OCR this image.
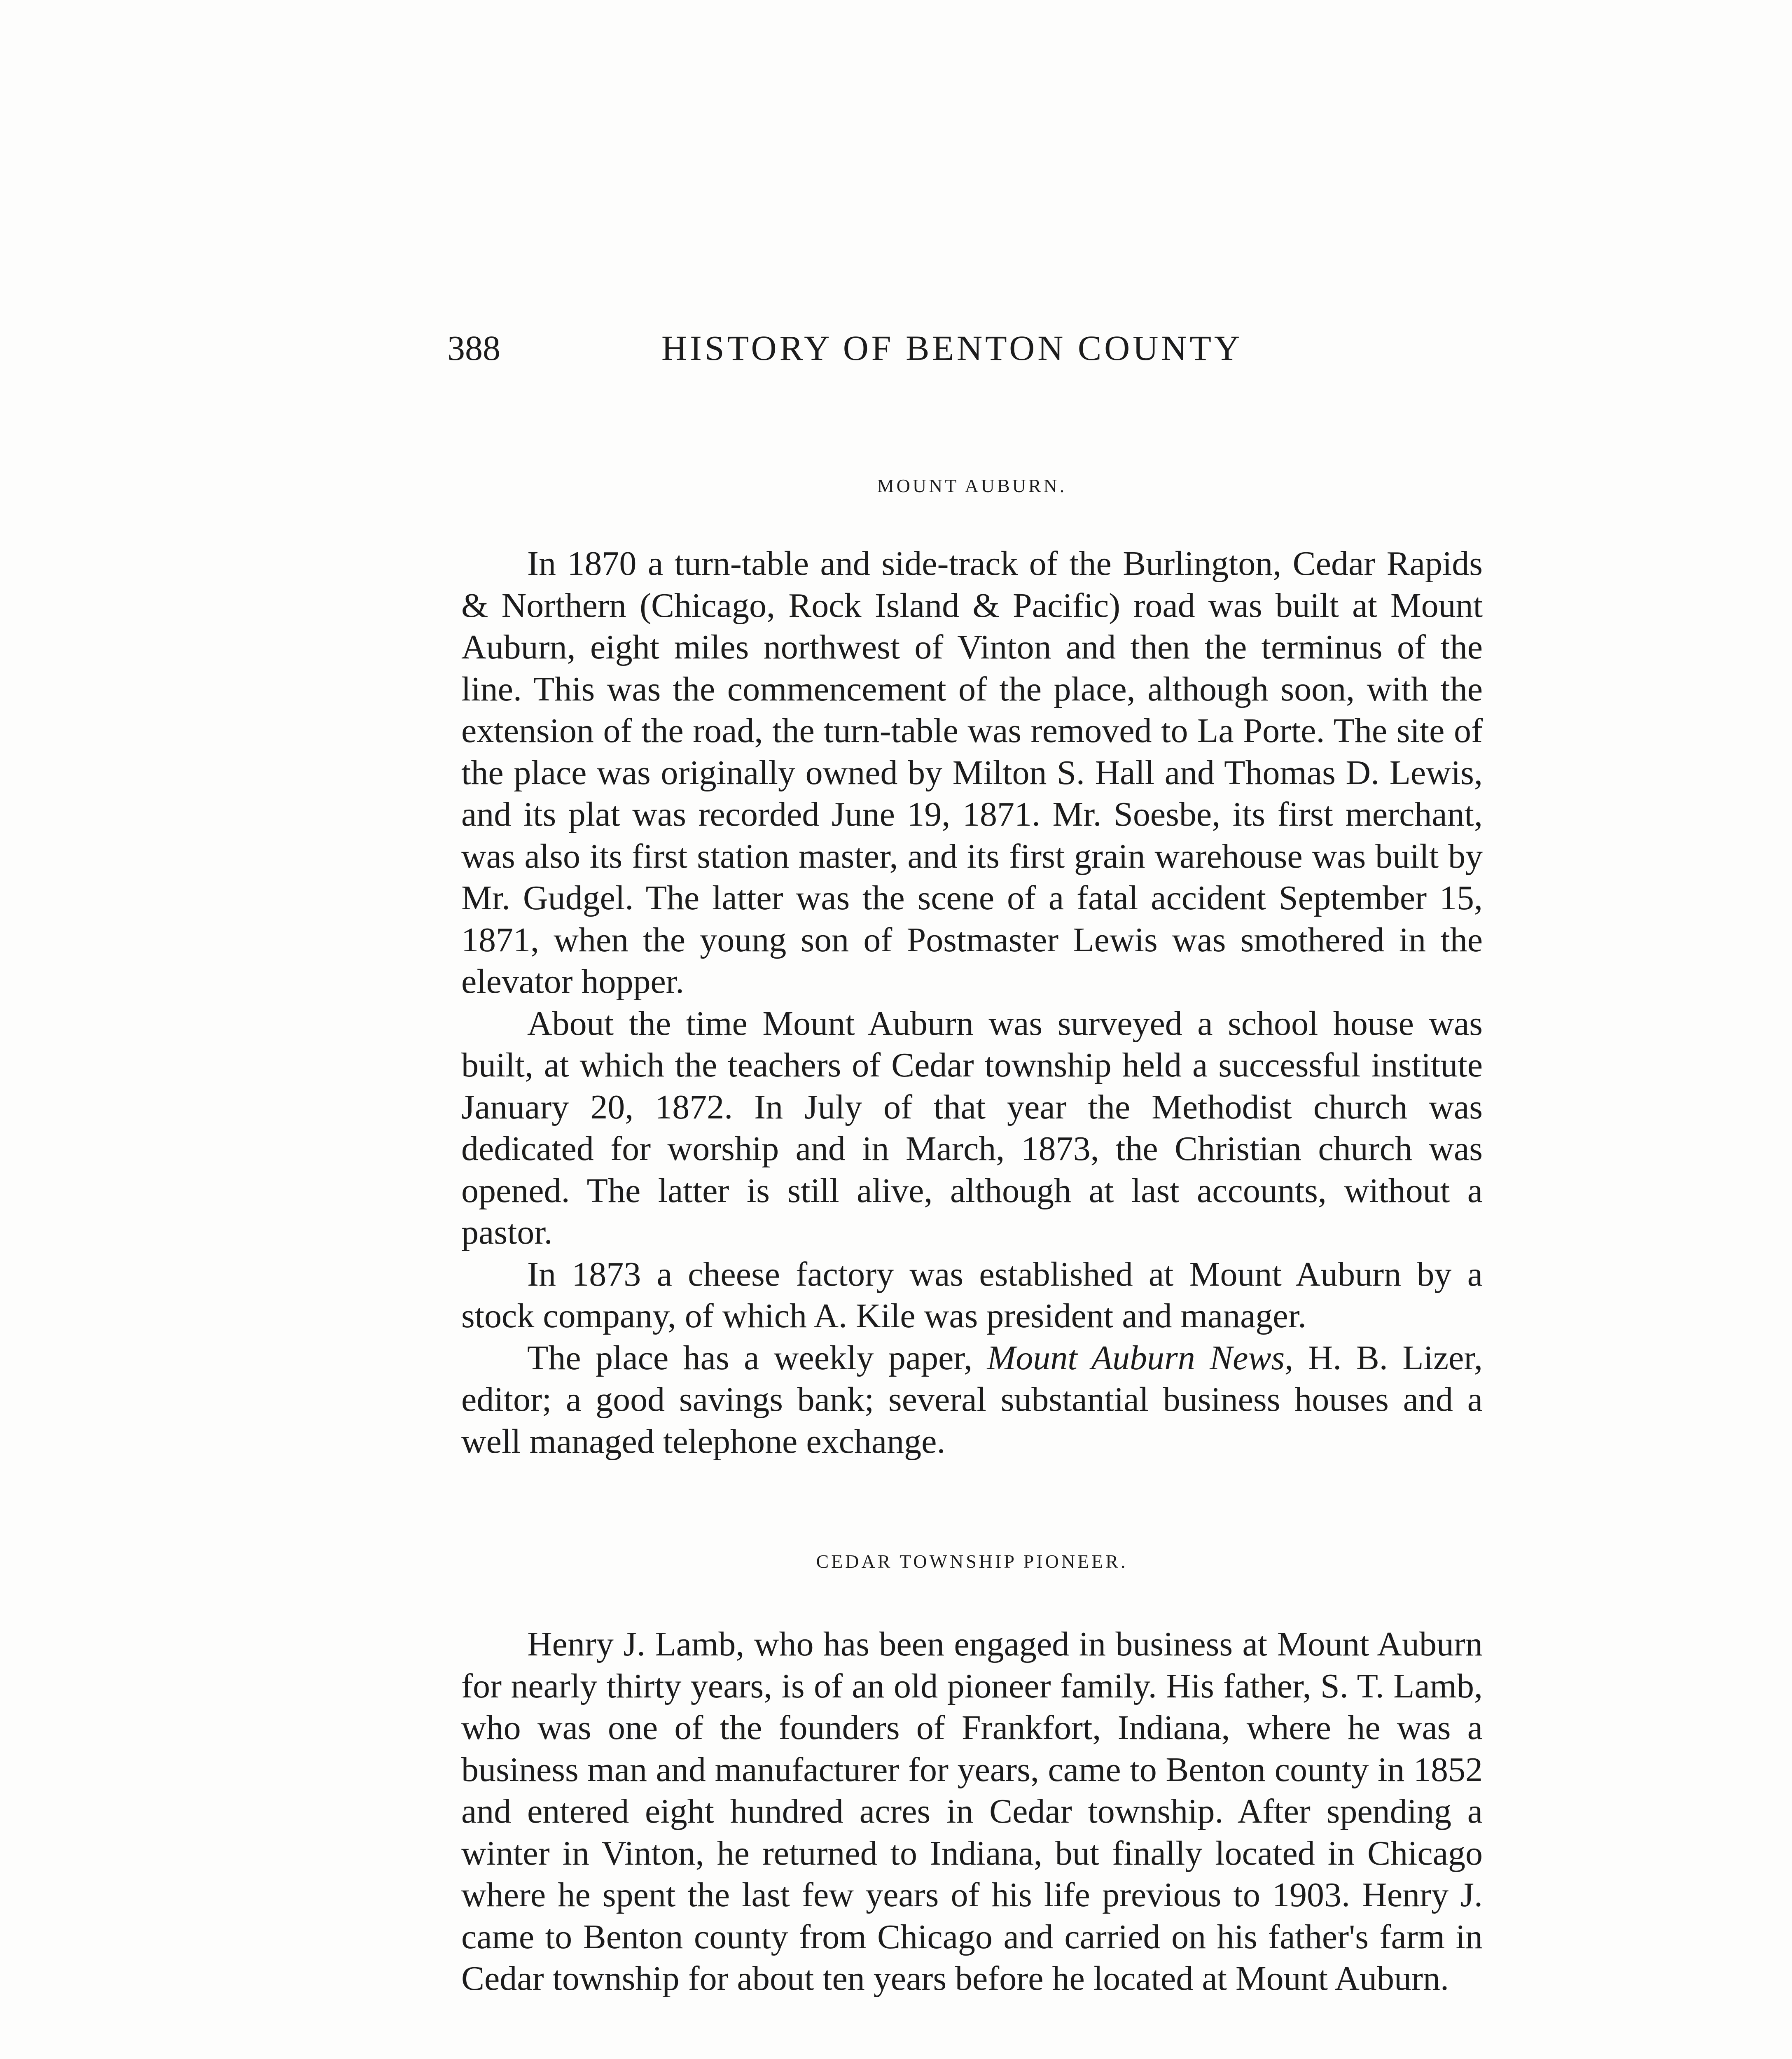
388	HISTORY OF BENTON COUNTY
MOUNT AUBURN.

In 1870 a turn-table and side-track of the Burlington, Cedar Rapids & Northern (Chicago, Rock Island & Pacific) road was built at Mount Auburn, eight miles northwest of Vinton and then the terminus of the line. This was the commencement of the place, although soon, with the extension of the road, the turn-table was removed to La Porte. The site of the place was originally owned by Milton S. Hall and Thomas D. Lewis, and its plat was recorded June 19, 1871. Mr. Soesbe, its first merchant, was also its first station master, and its first grain warehouse was built by Mr. Gudgel. The latter was the scene of a fatal accident September 15, 1871, when the young son of Postmaster Lewis was smothered in the elevator hopper.

About the time Mount Auburn was surveyed a school house was built, at which the teachers of Cedar township held a successful institute January 20, 1872. In July of that year the Methodist church was dedicated for worship and in March, 1873, the Christian church was opened. The latter is still alive, although at last accounts, without a pastor.

In 1873 a cheese factory was established at Mount Auburn by a stock company, of which A. Kile was president and manager.

The place has a weekly paper, Mount Auburn News, H. B. Lizer, editor; a good savings bank; several substantial business houses and a well managed telephone exchange.

CEDAR TOWNSHIP PIONEER.

Henry J. Lamb, who has been engaged in business at Mount Auburn for nearly thirty years, is of an old pioneer family. His father, S. T. Lamb, who was one of the founders of Frankfort, Indiana, where he was a business man and manufacturer for years, came to Benton county in 1852 and entered eight hundred acres in Cedar township. After spending a winter in Vinton, he returned to Indiana, but finally located in Chicago where he spent the last few years of his life previous to 1903. Henry J. came to Benton county from Chicago and carried on his father's farm in Cedar township for about ten years before he located at Mount Auburn.
